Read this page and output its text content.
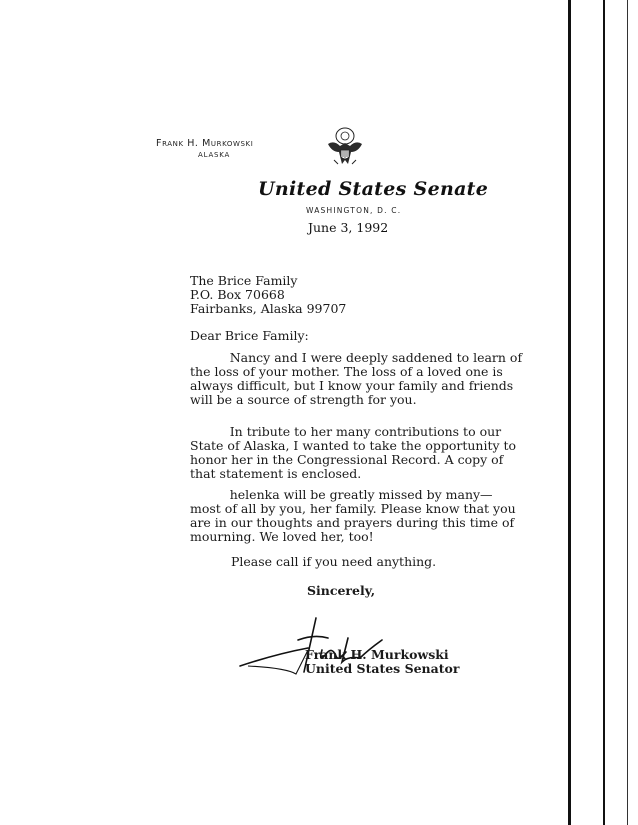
Frank H. Murkowski
ALASKA
United States Senate
WASHINGTON, D. C.
June 3, 1992
The Brice Family
P.O. Box 70668
Fairbanks, Alaska 99707
Dear Brice Family:
Nancy and I were deeply saddened to learn of
the loss of your mother. The loss of a loved one is
always difficult, but I know your family and friends
will be a source of strength for you.
In tribute to her many contributions to our
State of Alaska, I wanted to take the opportunity to
honor her in the Congressional Record. A copy of
that statement is enclosed.
helenka will be greatly missed by many—
most of all by you, her family. Please know that you
are in our thoughts and prayers during this time of
mourning. We loved her, too!
Please call if you need anything.
Sincerely,
Frank H. Murkowski
United States Senator
